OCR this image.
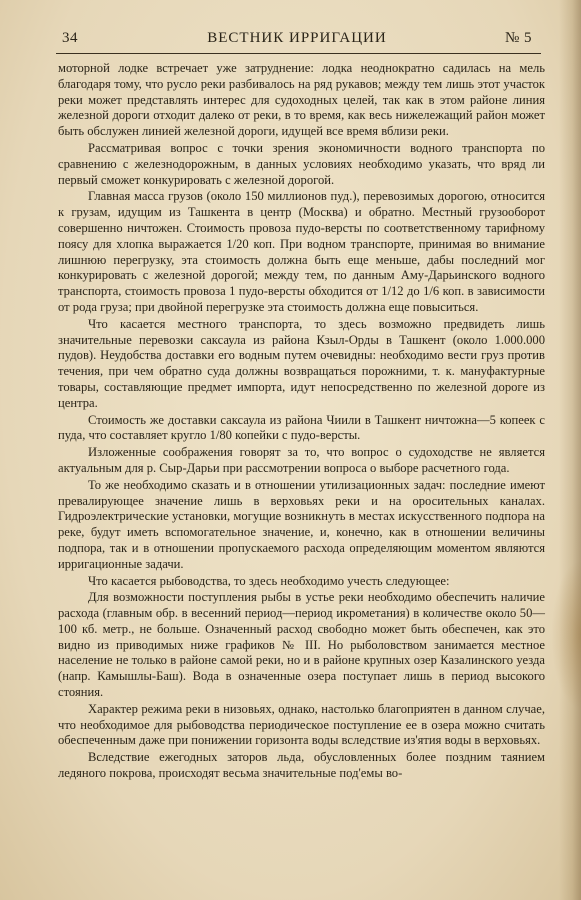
34	ВЕСТНИК ИРРИГАЦИИ	№ 5

моторной лодке встречает уже затруднение: лодка неоднократно садилась на мель благодаря тому, что русло реки разбивалось на ряд рукавов; между тем лишь этот участок реки может представлять интерес для судоходных целей, так как в этом районе линия железной дороги отходит далеко от реки, в то время, как весь нижележащий район может быть обслужен линией железной дороги, идущей все время вблизи реки.

Рассматривая вопрос с точки зрения экономичности водного транспорта по сравнению с железнодорожным, в данных условиях необходимо указать, что вряд ли первый сможет конкурировать с железной дорогой.

Главная масса грузов (около 150 миллионов пуд.), перевозимых дорогою, относится к грузам, идущим из Ташкента в центр (Москва) и обратно. Местный грузооборот совершенно ничтожен. Стоимость провоза пудо-версты по соответственному тарифному поясу для хлопка выражается 1/20 коп. При водном транспорте, принимая во внимание лишнюю перегрузку, эта стоимость должна быть еще меньше, дабы последний мог конкурировать с железной дорогой; между тем, по данным Аму-Дарьинского водного транспорта, стоимость провоза 1 пудо-версты обходится от 1/12 до 1/6 коп. в зависимости от рода груза; при двойной перегрузке эта стоимость должна еще повыситься.

Что касается местного транспорта, то здесь возможно предвидеть лишь значительные перевозки саксаула из района Кзыл-Орды в Ташкент (около 1.000.000 пудов). Неудобства доставки его водным путем очевидны: необходимо вести груз против течения, при чем обратно суда должны возвращаться порожними, т. к. мануфактурные товары, составляющие предмет импорта, идут непосредственно по железной дороге из центра.

Стоимость же доставки саксаула из района Чиили в Ташкент ничтожна—5 копеек с пуда, что составляет кругло 1/80 копейки с пудо-версты.

Изложенные соображения говорят за то, что вопрос о судоходстве не является актуальным для р. Сыр-Дарьи при рассмотрении вопроса о выборе расчетного года.

То же необходимо сказать и в отношении утилизационных задач: последние имеют превалирующее значение лишь в верховьях реки и на оросительных каналах. Гидроэлектрические установки, могущие возникнуть в местах искусственного подпора на реке, будут иметь вспомогательное значение, и, конечно, как в отношении величины подпора, так и в отношении пропускаемого расхода определяющим моментом являются ирригационные задачи.

Что касается рыбоводства, то здесь необходимо учесть следующее:

Для возможности поступления рыбы в устье реки необходимо обеспечить наличие расхода (главным обр. в весенний период—период икрометания) в количестве около 50—100 кб. метр., не больше. Означенный расход свободно может быть обеспечен, как это видно из приводимых ниже графиков № III. Но рыболовством занимается местное население не только в районе самой реки, но и в районе крупных озер Казалинского уезда (напр. Камышлы-Баш). Вода в означенные озера поступает лишь в период высокого стояния.

Характер режима реки в низовьях, однако, настолько благоприятен в данном случае, что необходимое для рыбоводства периодическое поступление ее в озера можно считать обеспеченным даже при понижении горизонта воды вследствие из'ятия воды в верховьях.

Вследствие ежегодных заторов льда, обусловленных более поздним таянием ледяного покрова, происходят весьма значительные под'емы во-
